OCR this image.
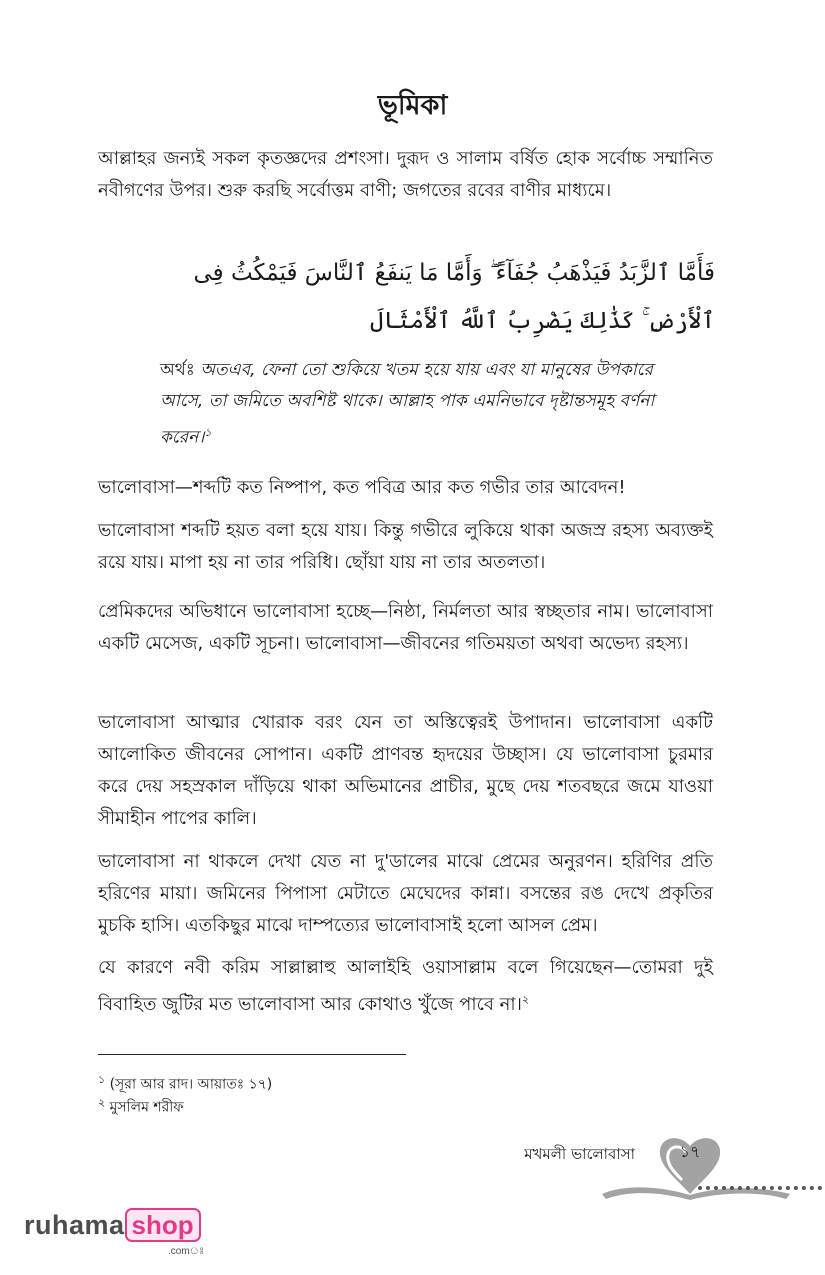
ভূমিকা

আল্লাহর জন্যই সকল কৃতজ্ঞদের প্রশংসা। দুরূদ ও সালাম বর্ষিত হোক সর্বোচ্চ সম্মানিত নবীগণের উপর। শুরু করছি সর্বোত্তম বাণী; জগতের রবের বাণীর মাধ্যমে।

فَأَمَّا ٱلزَّبَدُ فَيَذْهَبُ جُفَآءً ۖ وَأَمَّا مَا يَنفَعُ ٱلنَّاسَ فَيَمْكُثُ فِى

ٱلْأَرْضِ ۚ كَذَٰلِكَ يَضْرِبُ ٱللَّهُ ٱلْأَمْثَالَ

অর্থঃ অতএব, ফেনা তো শুকিয়ে খতম হয়ে যায় এবং যা মানুষের উপকারে আসে, তা জমিতে অবশিষ্ট থাকে। আল্লাহ পাক এমনিভাবে দৃষ্টান্তসমূহ বর্ণনা করেন।$^১$

ভালোবাসা—শব্দটি কত নিষ্পাপ, কত পবিত্র আর কত গভীর তার আবেদন!

ভালোবাসা শব্দটি হয়ত বলা হয়ে যায়। কিন্তু গভীরে লুকিয়ে থাকা অজস্র রহস্য অব্যক্তই রয়ে যায়। মাপা হয় না তার পরিধি। ছোঁয়া যায় না তার অতলতা।

প্রেমিকদের অভিধানে ভালোবাসা হচ্ছে—নিষ্ঠা, নির্মলতা আর স্বচ্ছতার নাম। ভালোবাসা একটি মেসেজ, একটি সূচনা। ভালোবাসা—জীবনের গতিময়তা অথবা অভেদ্য রহস্য।

ভালোবাসা আত্মার খোরাক বরং যেন তা অস্তিত্বেরই উপাদান। ভালোবাসা একটি আলোকিত জীবনের সোপান। একটি প্রাণবন্ত হৃদয়ের উচ্ছাস। যে ভালোবাসা চুরমার করে দেয় সহস্রকাল দাঁড়িয়ে থাকা অভিমানের প্রাচীর, মুছে দেয় শতবছরে জমে যাওয়া সীমাহীন পাপের কালি।

ভালোবাসা না থাকলে দেখা যেত না দু'ডালের মাঝে প্রেমের অনুরণন। হরিণির প্রতি হরিণের মায়া। জমিনের পিপাসা মেটাতে মেঘেদের কান্না। বসন্তের রঙ দেখে প্রকৃতির মুচকি হাসি। এতকিছুর মাঝে দাম্পত্যের ভালোবাসাই হলো আসল প্রেম।

যে কারণে নবী করিম সাল্লাল্লাহু আলাইহি ওয়াসাল্লাম বলে গিয়েছেন—তোমরা দুই বিবাহিত জুটির মত ভালোবাসা আর কোথাও খুঁজে পাবে না।$^২$

$^১$ (সূরা আর রাদ। আয়াতঃ ১৭)

$^২$ মুসলিম শরীফ

মখমলী ভালোবাসা	১৭
ruhama shop
.comঃ
